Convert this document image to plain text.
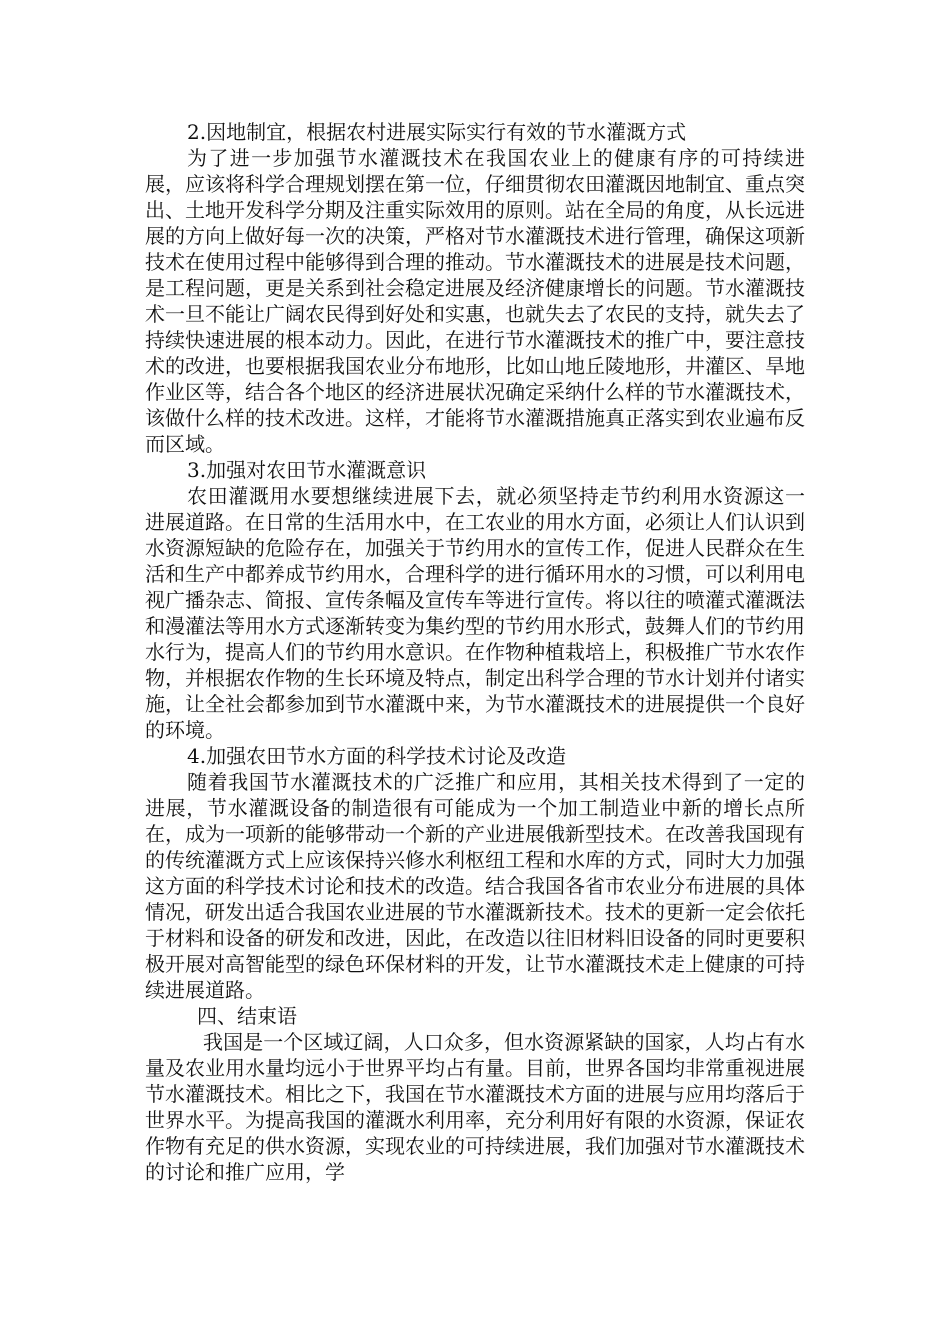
2.因地制宜，根据农村进展实际实行有效的节水灌溉方式

为了进一步加强节水灌溉技术在我国农业上的健康有序的可持续进展，应该将科学合理规划摆在第一位，仔细贯彻农田灌溉因地制宜、重点突出、土地开发科学分期及注重实际效用的原则。站在全局的角度，从长远进展的方向上做好每一次的决策，严格对节水灌溉技术进行管理，确保这项新技术在使用过程中能够得到合理的推动。节水灌溉技术的进展是技术问题，是工程问题，更是关系到社会稳定进展及经济健康增长的问题。节水灌溉技术一旦不能让广阔农民得到好处和实惠，也就失去了农民的支持，就失去了持续快速进展的根本动力。因此，在进行节水灌溉技术的推广中，要注意技术的改进，也要根据我国农业分布地形，比如山地丘陵地形，井灌区、旱地作业区等，结合各个地区的经济进展状况确定采纳什么样的节水灌溉技术，该做什么样的技术改进。这样，才能将节水灌溉措施真正落实到农业遍布反而区域。

3.加强对农田节水灌溉意识

农田灌溉用水要想继续进展下去，就必须坚持走节约利用水资源这一进展道路。在日常的生活用水中，在工农业的用水方面，必须让人们认识到水资源短缺的危险存在，加强关于节约用水的宣传工作，促进人民群众在生活和生产中都养成节约用水，合理科学的进行循环用水的习惯，可以利用电视广播杂志、简报、宣传条幅及宣传车等进行宣传。将以往的喷灌式灌溉法和漫灌法等用水方式逐渐转变为集约型的节约用水形式，鼓舞人们的节约用水行为，提高人们的节约用水意识。在作物种植栽培上，积极推广节水农作物，并根据农作物的生长环境及特点，制定出科学合理的节水计划并付诸实施，让全社会都参加到节水灌溉中来，为节水灌溉技术的进展提供一个良好的环境。

4.加强农田节水方面的科学技术讨论及改造

随着我国节水灌溉技术的广泛推广和应用，其相关技术得到了一定的进展，节水灌溉设备的制造很有可能成为一个加工制造业中新的增长点所在，成为一项新的能够带动一个新的产业进展俄新型技术。在改善我国现有的传统灌溉方式上应该保持兴修水利枢纽工程和水库的方式，同时大力加强这方面的科学技术讨论和技术的改造。结合我国各省市农业分布进展的具体情况，研发出适合我国农业进展的节水灌溉新技术。技术的更新一定会依托于材料和设备的研发和改进，因此，在改造以往旧材料旧设备的同时更要积极开展对高智能型的绿色环保材料的开发，让节水灌溉技术走上健康的可持续进展道路。

四、结束语

我国是一个区域辽阔，人口众多，但水资源紧缺的国家，人均占有水量及农业用水量均远小于世界平均占有量。目前，世界各国均非常重视进展节水灌溉技术。相比之下，我国在节水灌溉技术方面的进展与应用均落后于世界水平。为提高我国的灌溉水利用率，充分利用好有限的水资源，保证农作物有充足的供水资源，实现农业的可持续进展，我们加强对节水灌溉技术的讨论和推广应用，学
